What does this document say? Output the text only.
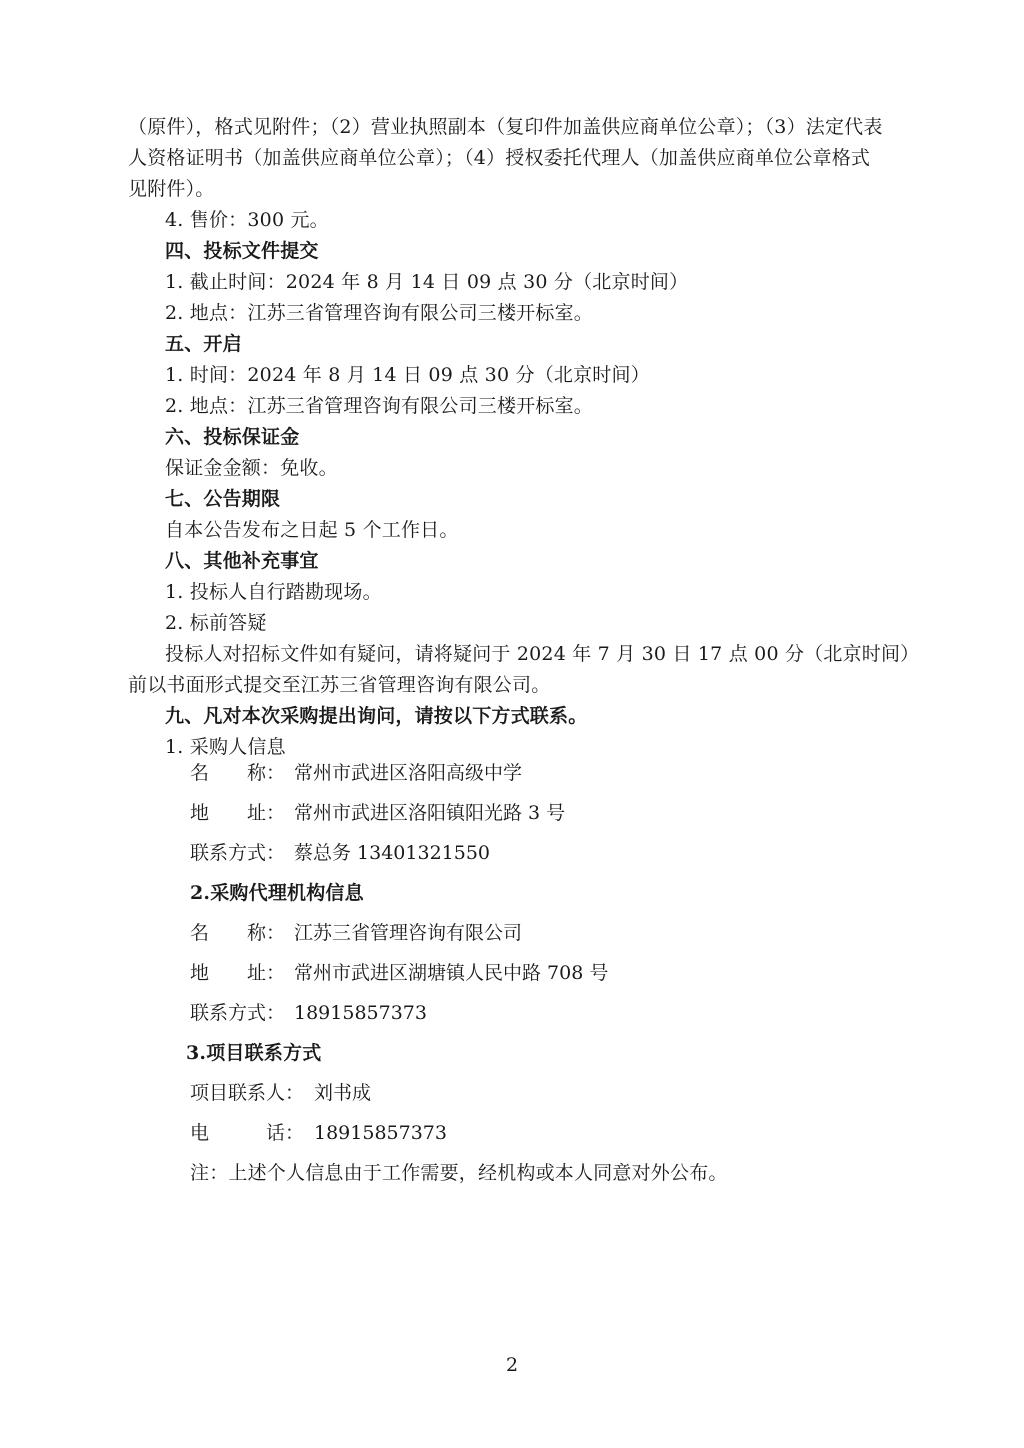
（原件），格式见附件；（2）营业执照副本（复印件加盖供应商单位公章）；（3）法定代表
人资格证明书（加盖供应商单位公章）；（4）授权委托代理人（加盖供应商单位公章格式
见附件）。
4. 售价：300 元。
四、投标文件提交
1. 截止时间：2024 年 8 月 14 日 09 点 30 分（北京时间）
2. 地点：江苏三省管理咨询有限公司三楼开标室。
五、开启
1. 时间：2024 年 8 月 14 日 09 点 30 分（北京时间）
2. 地点：江苏三省管理咨询有限公司三楼开标室。
六、投标保证金
保证金金额：免收。
七、公告期限
自本公告发布之日起 5 个工作日。
八、其他补充事宜
1. 投标人自行踏勘现场。
2. 标前答疑
投标人对招标文件如有疑问，请将疑问于 2024 年 7 月 30 日 17 点 00 分（北京时间）
前以书面形式提交至江苏三省管理咨询有限公司。
九、凡对本次采购提出询问，请按以下方式联系。
1. 采购人信息
名　　称： 常州市武进区洛阳高级中学
地　　址： 常州市武进区洛阳镇阳光路 3 号
联系方式： 蔡总务 13401321550
2.采购代理机构信息
名　　称： 江苏三省管理咨询有限公司
地　　址： 常州市武进区湖塘镇人民中路 708 号
联系方式： 18915857373
3.项目联系方式
项目联系人： 刘书成
电　　　话： 18915857373
注：上述个人信息由于工作需要，经机构或本人同意对外公布。
2
